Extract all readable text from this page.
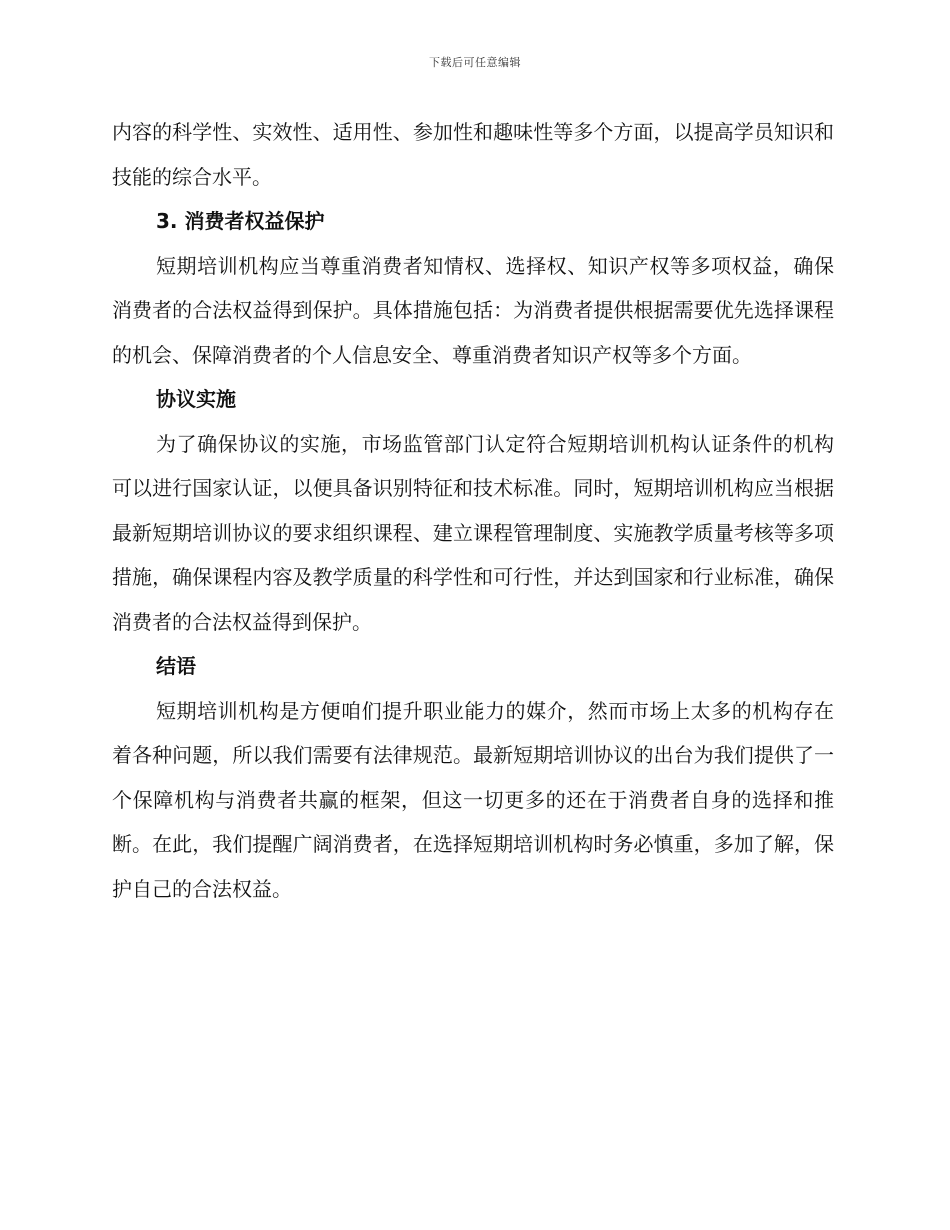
下载后可任意编辑

内容的科学性、实效性、适用性、参加性和趣味性等多个方面，以提高学员知识和技能的综合水平。

3. 消费者权益保护

短期培训机构应当尊重消费者知情权、选择权、知识产权等多项权益，确保消费者的合法权益得到保护。具体措施包括：为消费者提供根据需要优先选择课程的机会、保障消费者的个人信息安全、尊重消费者知识产权等多个方面。

协议实施

为了确保协议的实施，市场监管部门认定符合短期培训机构认证条件的机构可以进行国家认证，以便具备识别特征和技术标准。同时，短期培训机构应当根据最新短期培训协议的要求组织课程、建立课程管理制度、实施教学质量考核等多项措施，确保课程内容及教学质量的科学性和可行性，并达到国家和行业标准，确保消费者的合法权益得到保护。

结语

短期培训机构是方便咱们提升职业能力的媒介，然而市场上太多的机构存在着各种问题，所以我们需要有法律规范。最新短期培训协议的出台为我们提供了一个保障机构与消费者共赢的框架，但这一切更多的还在于消费者自身的选择和推断。在此，我们提醒广阔消费者，在选择短期培训机构时务必慎重，多加了解，保护自己的合法权益。
